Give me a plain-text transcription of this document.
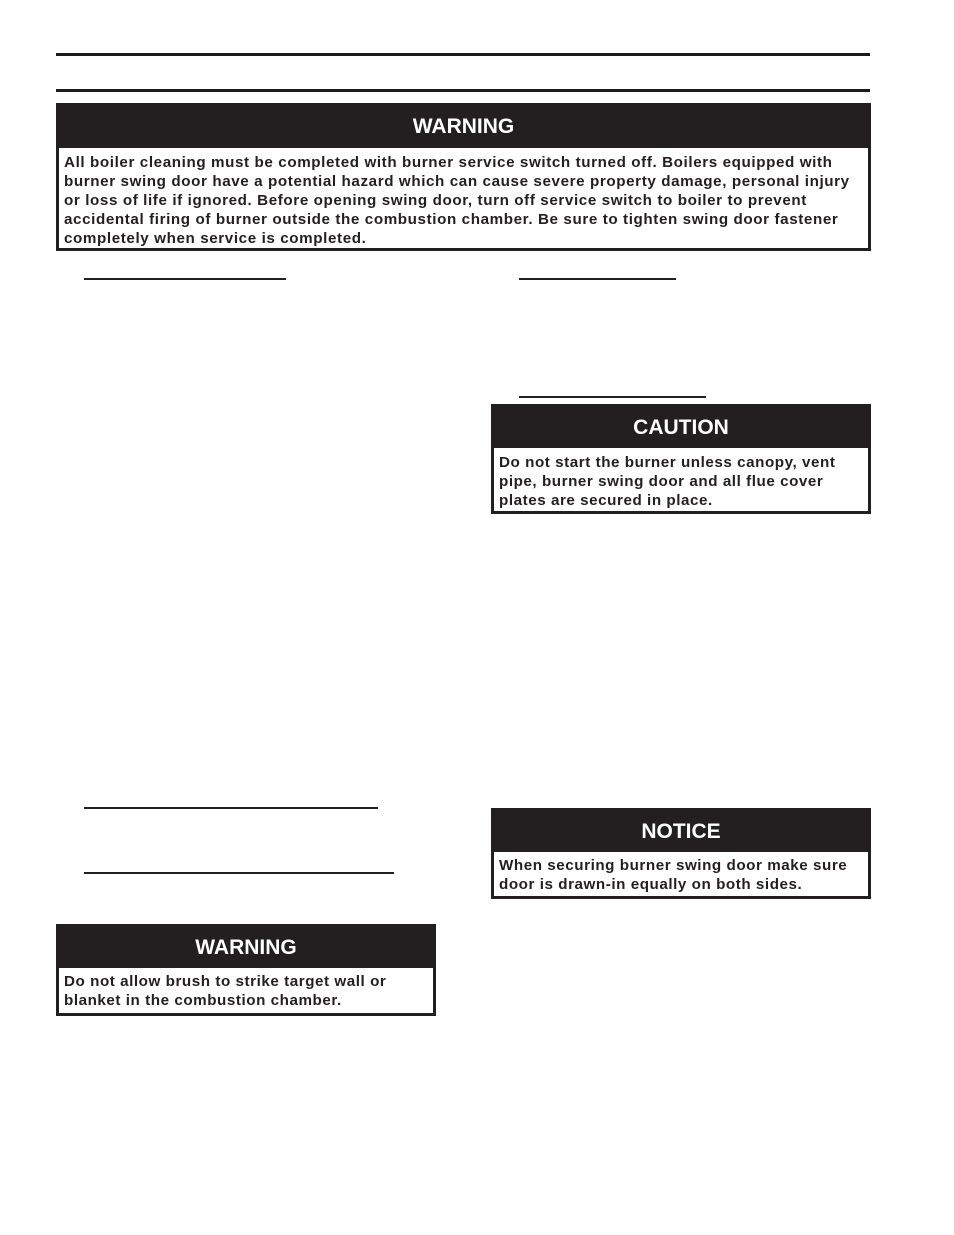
WARNING
All boiler cleaning must be completed with burner service switch turned off. Boilers equipped with burner swing door have a potential hazard which can cause severe property damage, personal injury or loss of life if ignored. Before opening swing door, turn off service switch to boiler to prevent accidental firing of burner outside the combustion chamber. Be sure to tighten swing door fastener completely when service is completed.
CAUTION
Do not start the burner unless canopy, vent pipe, burner swing door and all flue cover plates are secured in place.
NOTICE
When securing burner swing door make sure door is drawn-in equally on both sides.
WARNING
Do not allow brush to strike target wall or blanket in the combustion chamber.
